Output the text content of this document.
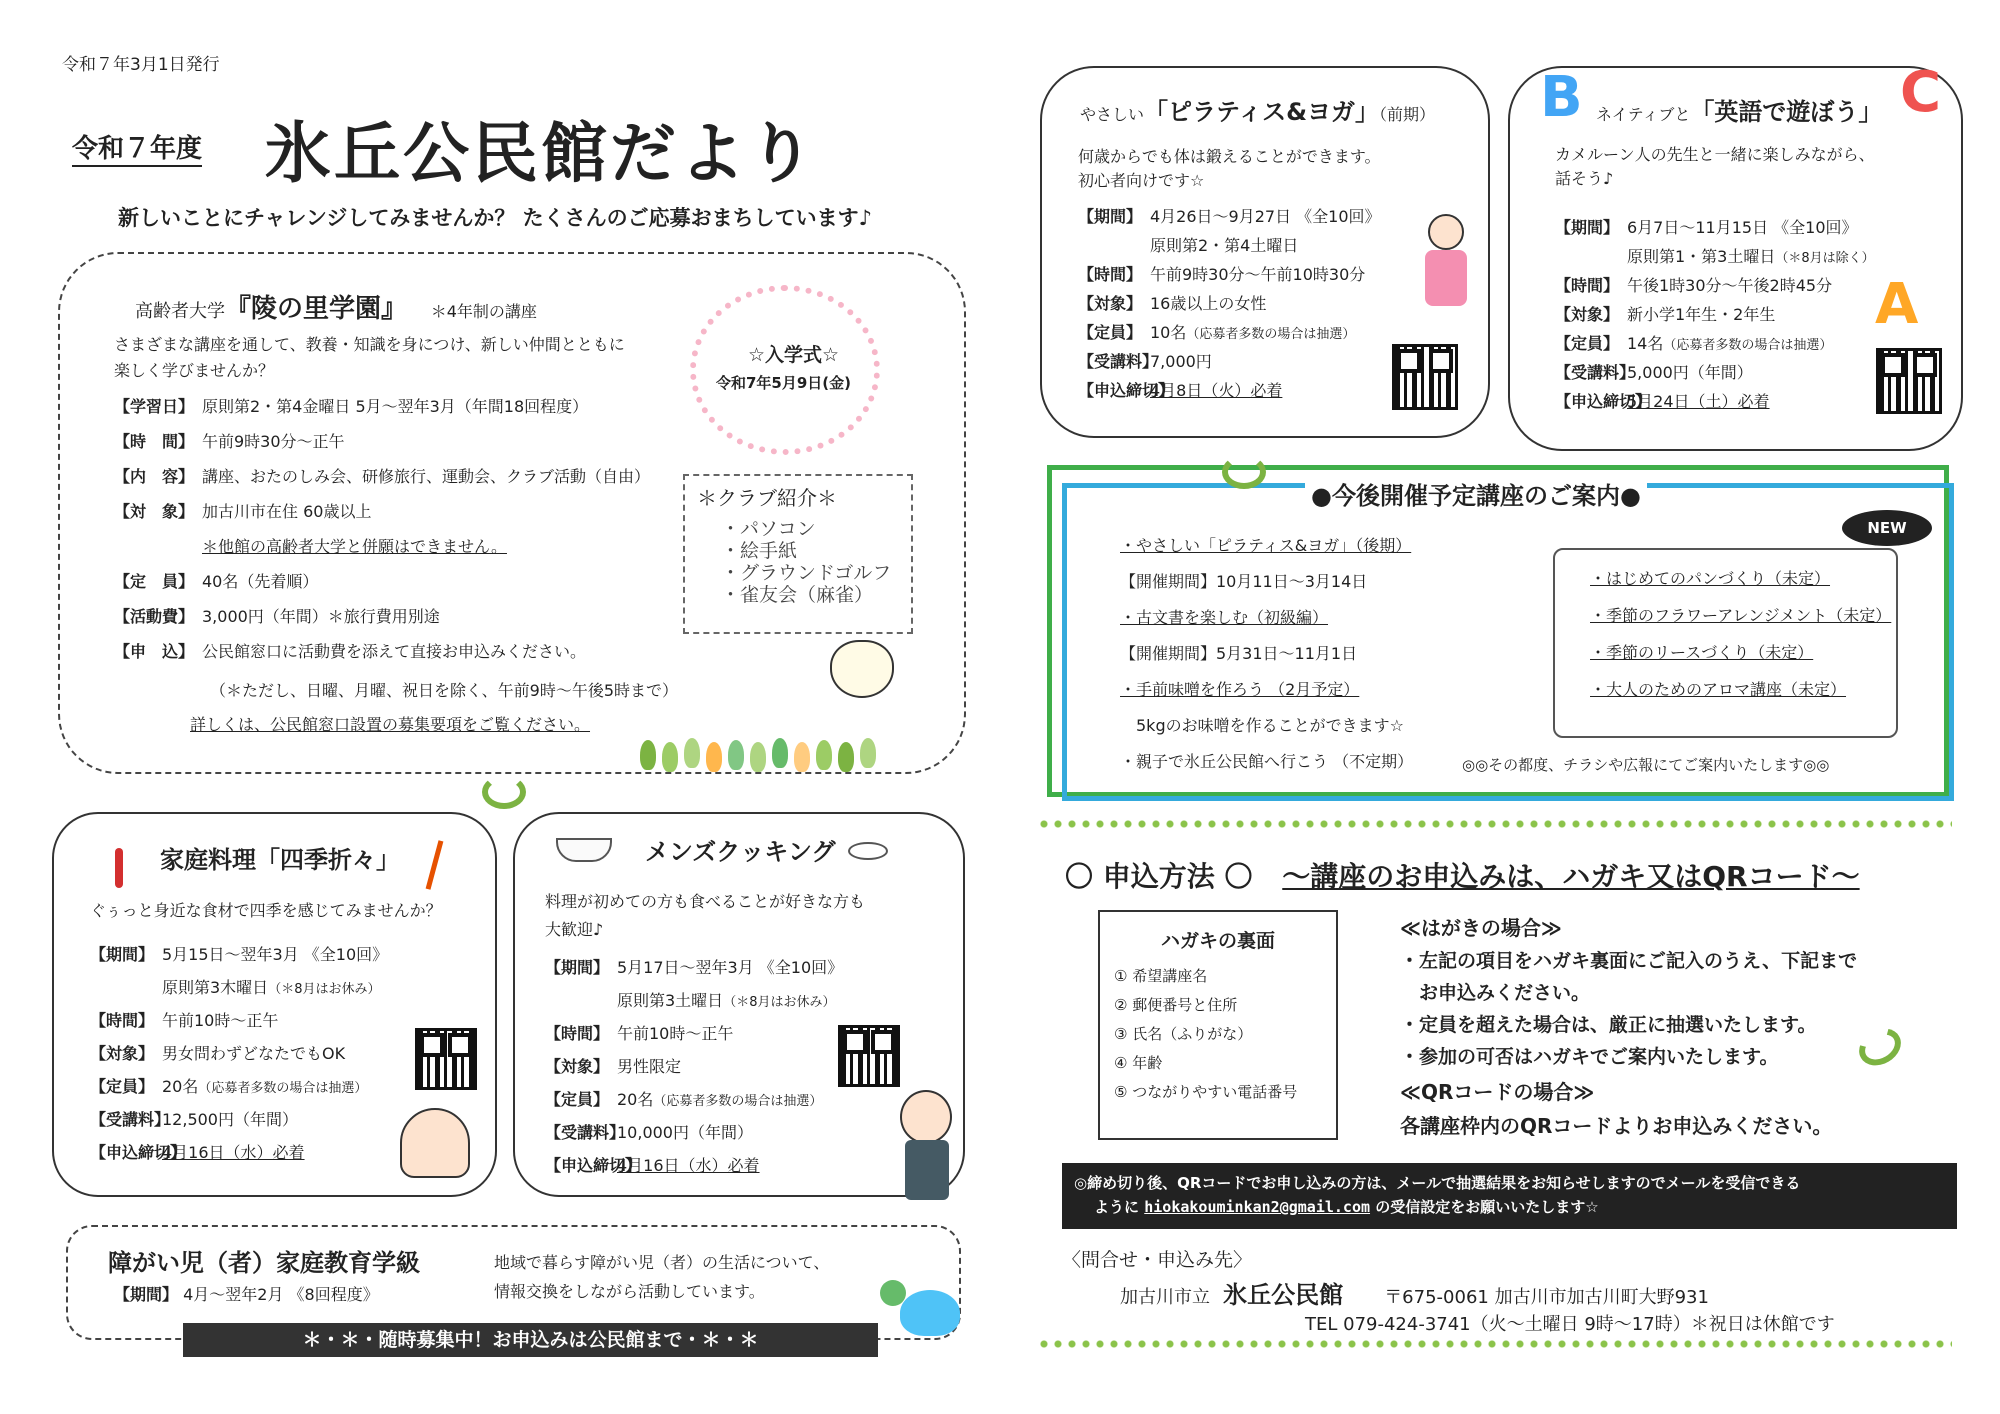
令和７年3月1日発行
令和７年度 氷丘公民館だより
新しいことにチャレンジしてみませんか？ たくさんのご応募おまちしています♪
高齢者大学『陵の里学園』 ＊4年制の講座
さまざまな講座を通して、教養・知識を身につけ、新しい仲間とともに
楽しく学びませんか？
【学習日】 原則第2・第4金曜日 5月～翌年3月（年間18回程度）
【時　間】 午前9時30分～正午
【内　容】 講座、おたのしみ会、研修旅行、運動会、クラブ活動（自由）
【対　象】 加古川市在住 60歳以上
＊他館の高齢者大学と併願はできません。
【定　員】 40名（先着順）
【活動費】 3,000円（年間）＊旅行費用別途
【申　込】 公民館窓口に活動費を添えて直接お申込みください。
（＊ただし、日曜、月曜、祝日を除く、午前9時～午後5時まで）
詳しくは、公民館窓口設置の募集要項をご覧ください。
☆入学式☆
令和7年5月9日(金)
＊クラブ紹介＊
・パソコン
・絵手紙
・グラウンドゴルフ
・雀友会（麻雀）
家庭料理「四季折々」
ぐぅっと身近な食材で四季を感じてみませんか？
【期間】 5月15日～翌年3月 《全10回》
原則第3木曜日 （＊8月はお休み）
【時間】 午前10時～正午
【対象】 男女問わずどなたでもOK
【定員】 20名 （応募者多数の場合は抽選）
【受講料】
12,500円（年間）
【申込締切】
4月16日（水）必着
メンズクッキング
料理が初めての方も食べることが好きな方も
大歓迎♪
【期間】 5月17日～翌年3月 《全10回》
原則第3土曜日 （＊8月はお休み）
【時間】 午前10時～正午
【対象】 男性限定
【定員】 20名 （応募者多数の場合は抽選）
【受講料】
10,000円（年間）
【申込締切】
4月16日（水）必着
障がい児（者）家庭教育学級
【期間】 4月～翌年2月 《8回程度》
地域で暮らす障がい児（者）の生活について、
情報交換をしながら活動しています。
＊・＊・随時募集中！お申込みは公民館まで・＊・＊
やさしい「ピラティス&ヨガ」（前期）
何歳からでも体は鍛えることができます。
初心者向けです☆
【期間】 4月26日～9月27日 《全10回》
原則第2・第4土曜日
【時間】 午前9時30分～午前10時30分
【対象】 16歳以上の女性
【定員】 10名 （応募者多数の場合は抽選）
【受講料】
7,000円
【申込締切】
4月8日（火）必着
B	C
A
ネイティブと「英語で遊ぼう」
カメルーン人の先生と一緒に楽しみながら、
話そう♪
【期間】 6月7日～11月15日 《全10回》
原則第1・第3土曜日 （＊8月は除く）
【時間】 午後1時30分～午後2時45分
【対象】 新小学1年生・2年生
【定員】 14名 （応募者多数の場合は抽選）
【受講料】
5,000円（年間）
【申込締切】
5月24日（土）必着
●今後開催予定講座のご案内●
・やさしい「ピラティス&ヨガ」（後期）
【開催期間】10月11日～3月14日
・古文書を楽しむ（初級編）
【開催期間】5月31日～11月1日
・手前味噌を作ろう （2月予定）
　5kgのお味噌を作ることができます☆
・親子で氷丘公民館へ行こう （不定期）
NEW
・はじめてのパンづくり（未定）
・季節のフラワーアレンジメント（未定）
・季節のリースづくり（未定）
・大人のためのアロマ講座（未定）
◎◎その都度、チラシや広報にてご案内いたします◎◎
〇 申込方法 〇 ～講座のお申込みは、ハガキ又はQRコード～
ハガキの裏面
① 希望講座名
② 郵便番号と住所
③ 氏名（ふりがな）
④ 年齢
⑤ つながりやすい電話番号
≪はがきの場合≫
・左記の項目をハガキ裏面にご記入のうえ、下記まで
　お申込みください。
・定員を超えた場合は、厳正に抽選いたします。
・参加の可否はハガキでご案内いたします。
≪QRコードの場合≫
各講座枠内のQRコードよりお申込みください。
◎締め切り後、QRコードでお申し込みの方は、メールで抽選結果をお知らせしますのでメールを受信できる
ように hiokakouminkan2@gmail.com の受信設定をお願いいたします☆
〈問合せ・申込み先〉
加古川市立 氷丘公民館 〒675-0061 加古川市加古川町大野931
TEL 079-424-3741（火～土曜日 9時～17時）＊祝日は休館です
